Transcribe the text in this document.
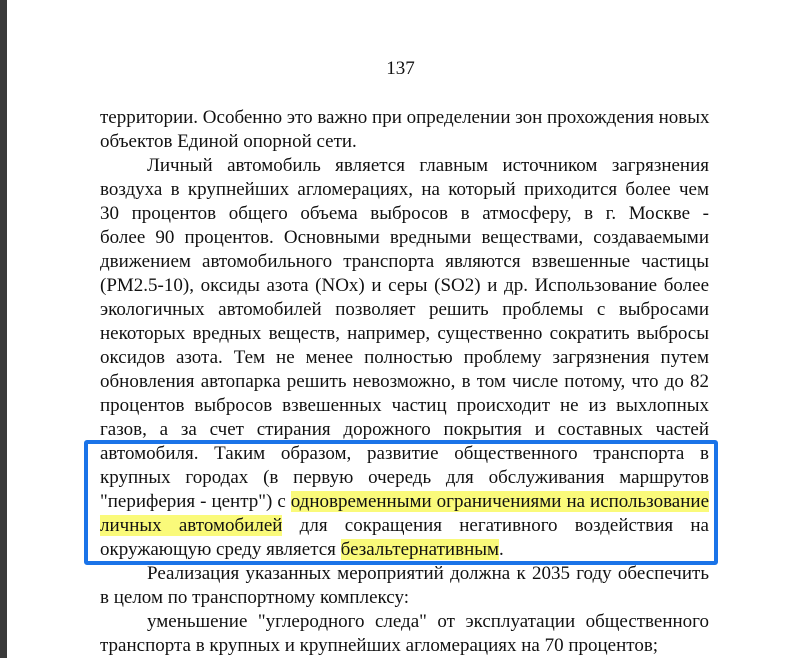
137

территории. Особенно это важно при определении зон прохождения новых

объектов Единой опорной сети.

Личный автомобиль является главным источником загрязнения

воздуха в крупнейших агломерациях, на который приходится более чем

30 процентов общего объема выбросов в атмосферу, в г. Москве -

более 90 процентов. Основными вредными веществами, создаваемыми

движением автомобильного транспорта являются взвешенные частицы

(PM2.5-10), оксиды азота (NOx) и серы (SO2) и др. Использование более

экологичных автомобилей позволяет решить проблемы с выбросами

некоторых вредных веществ, например, существенно сократить выбросы

оксидов азота. Тем не менее полностью проблему загрязнения путем

обновления автопарка решить невозможно, в том числе потому, что до 82

процентов выбросов взвешенных частиц происходит не из выхлопных

газов, а за счет стирания дорожного покрытия и составных частей

автомобиля. Таким образом, развитие общественного транспорта в

крупных городах (в первую очередь для обслуживания маршрутов

"периферия - центр") с одновременными ограничениями на использование

личных автомобилей для сокращения негативного воздействия на

окружающую среду является безальтернативным.

Реализация указанных мероприятий должна к 2035 году обеспечить

в целом по транспортному комплексу:

уменьшение "углеродного следа" от эксплуатации общественного

транспорта в крупных и крупнейших агломерациях на 70 процентов;
